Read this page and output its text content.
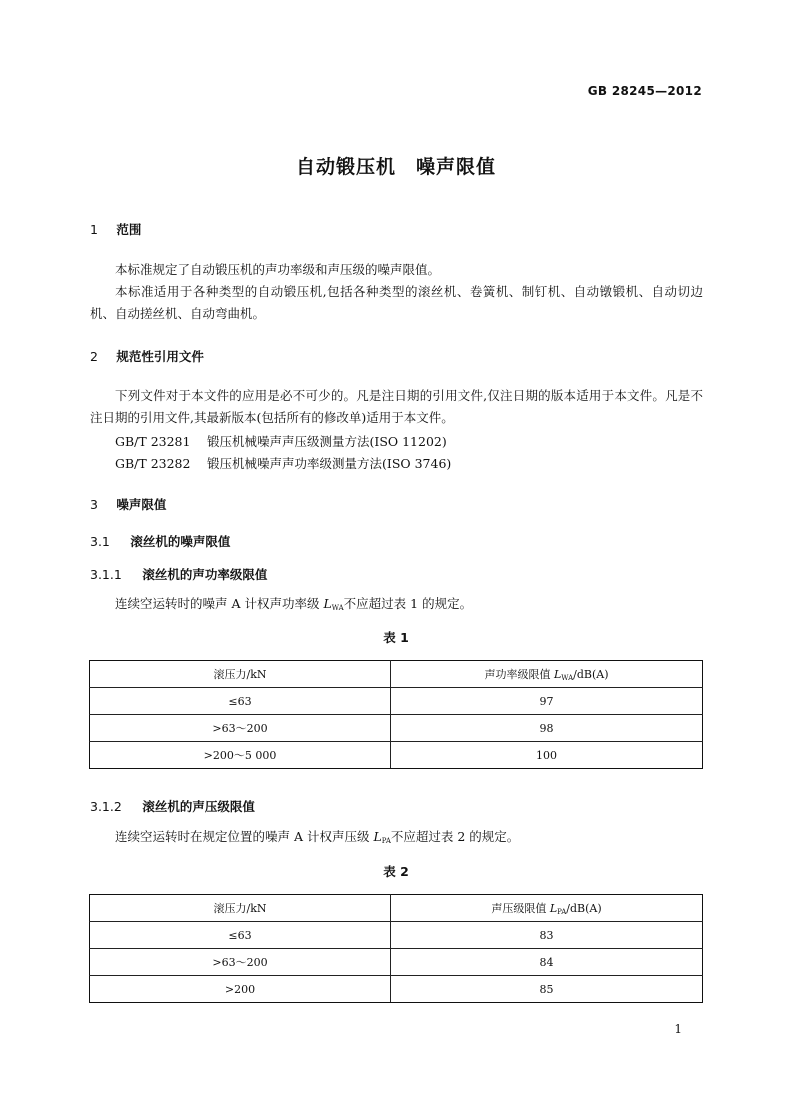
GB 28245—2012
自动锻压机　噪声限值
1 范围

本标准规定了自动锻压机的声功率级和声压级的噪声限值。

本标准适用于各种类型的自动锻压机,包括各种类型的滚丝机、卷簧机、制钉机、自动镦锻机、自动切边机、自动搓丝机、自动弯曲机。

2 规范性引用文件

下列文件对于本文件的应用是必不可少的。凡是注日期的引用文件,仅注日期的版本适用于本文件。凡是不注日期的引用文件,其最新版本(包括所有的修改单)适用于本文件。

GB/T 23281 锻压机械噪声声压级测量方法(ISO 11202)
GB/T 23282 锻压机械噪声声功率级测量方法(ISO 3746)
3 噪声限值
3.1 滚丝机的噪声限值
3.1.1 滚丝机的声功率级限值

连续空运转时的噪声 A 计权声功率级 $L_{WA}$不应超过表 1 的规定。

表 1
滚压力/kN	声功率级限值 $L_{WA}/dB(A)$
≤63	97
>63～200	98
>200～5 000	100
3.1.2 滚丝机的声压级限值

连续空运转时在规定位置的噪声 A 计权声压级 $L_{PA}$不应超过表 2 的规定。

表 2
滚压力/kN	声压级限值 $L_{PA}/dB(A)$
≤63	83
>63～200	84
>200	85
1
